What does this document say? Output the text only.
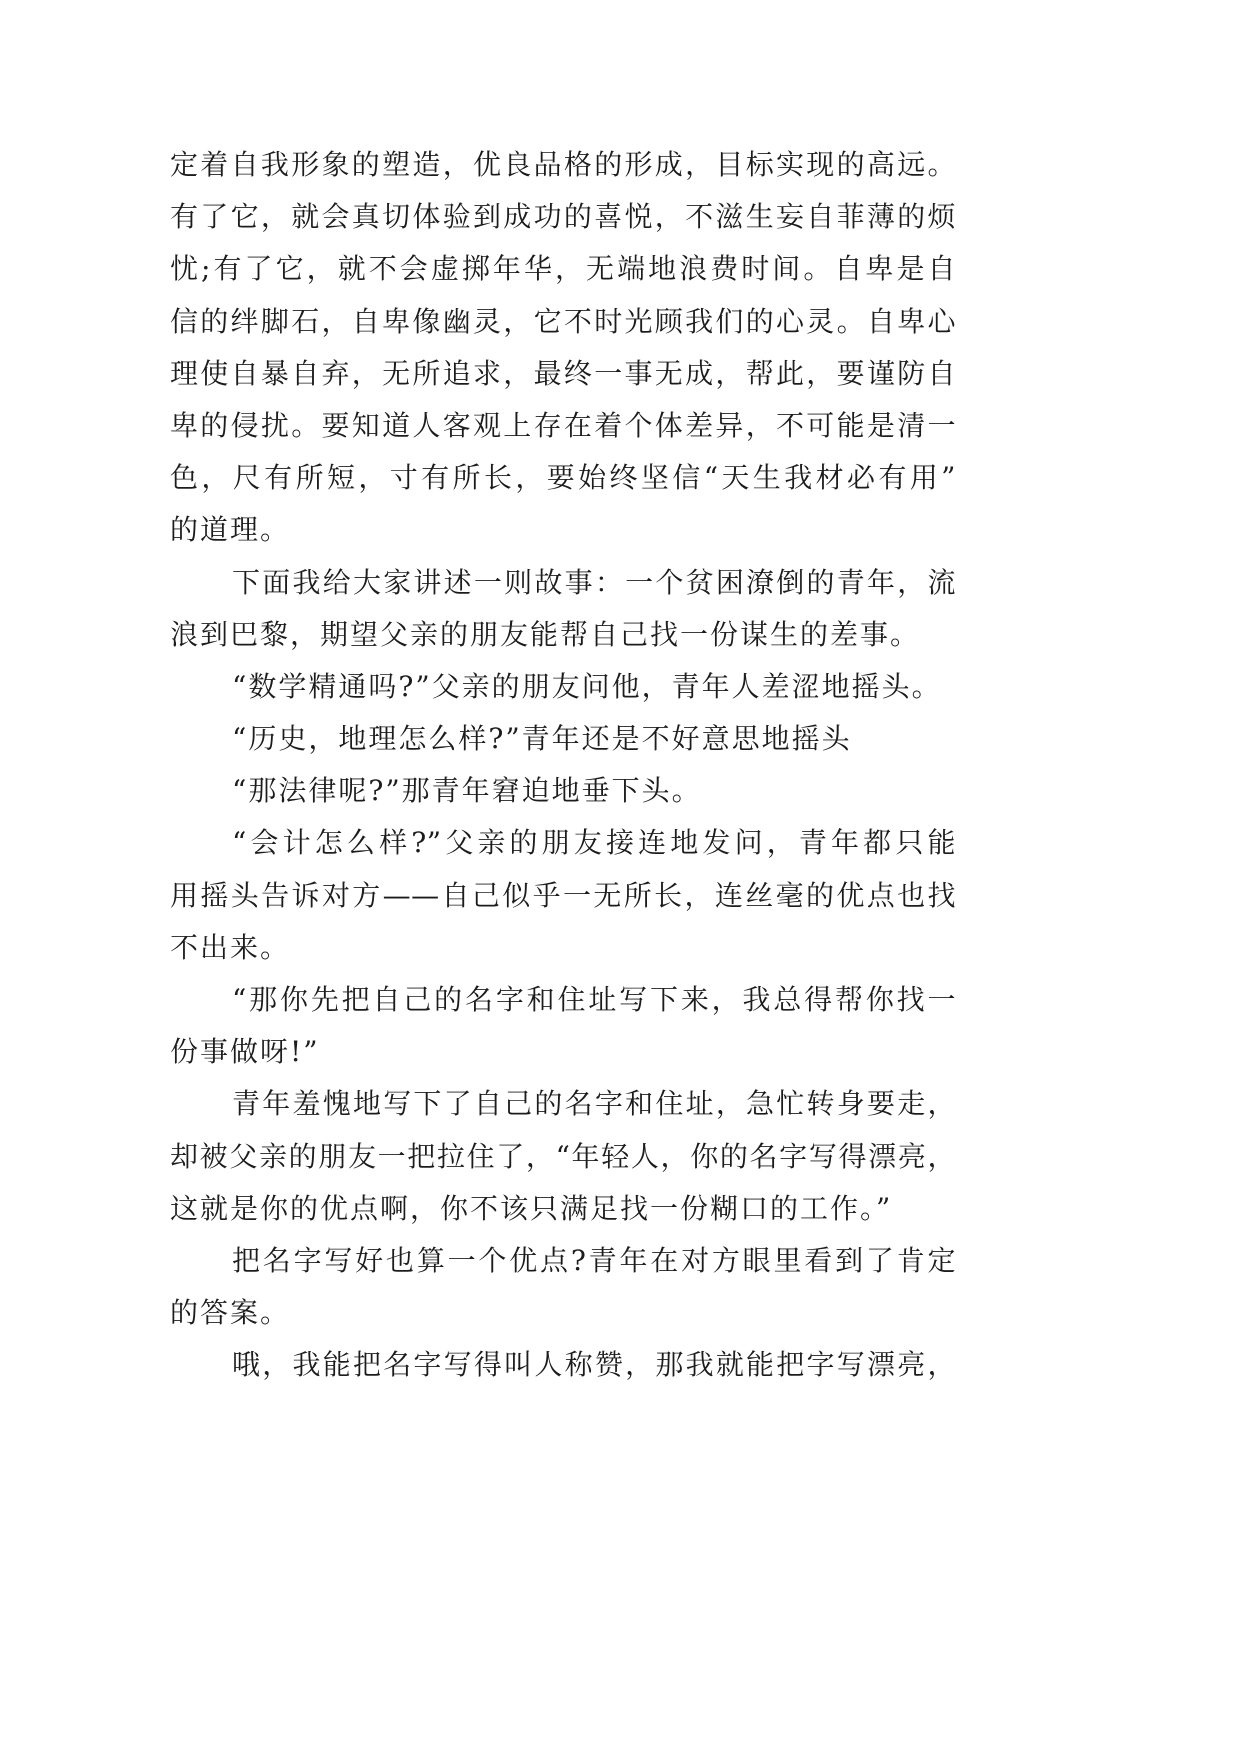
定着自我形象的塑造，优良品格的形成，目标实现的高远。
有了它，就会真切体验到成功的喜悦，不滋生妄自菲薄的烦
忧;有了它，就不会虚掷年华，无端地浪费时间。自卑是自
信的绊脚石，自卑像幽灵，它不时光顾我们的心灵。自卑心
理使自暴自弃，无所追求，最终一事无成，帮此，要谨防自
卑的侵扰。要知道人客观上存在着个体差异，不可能是清一
色，尺有所短，寸有所长，要始终坚信“天生我材必有用”
的道理。
下面我给大家讲述一则故事：一个贫困潦倒的青年，流
浪到巴黎，期望父亲的朋友能帮自己找一份谋生的差事。
“数学精通吗?”父亲的朋友问他，青年人差涩地摇头。
“历史，地理怎么样?”青年还是不好意思地摇头
“那法律呢?”那青年窘迫地垂下头。
“会计怎么样?”父亲的朋友接连地发问，青年都只能
用摇头告诉对方——自己似乎一无所长，连丝毫的优点也找
不出来。
“那你先把自己的名字和住址写下来，我总得帮你找一
份事做呀!”
青年羞愧地写下了自己的名字和住址，急忙转身要走，
却被父亲的朋友一把拉住了，“年轻人，你的名字写得漂亮，
这就是你的优点啊，你不该只满足找一份糊口的工作。”
把名字写好也算一个优点?青年在对方眼里看到了肯定
的答案。
哦，我能把名字写得叫人称赞，那我就能把字写漂亮，
